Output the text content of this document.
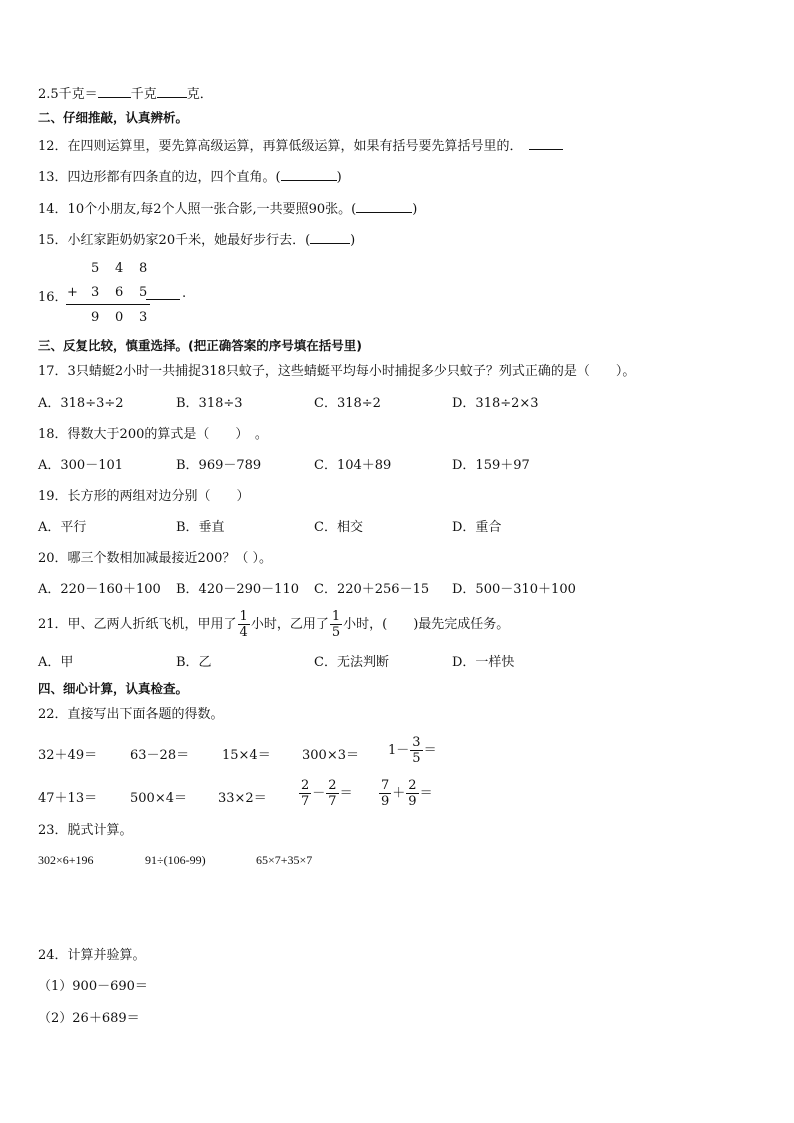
2.5千克＝	千克 克．
二、仔细推敲，认真辨析。
12．在四则运算里，要先算高级运算，再算低级运算，如果有括号要先算括号里的．
13．四边形都有四条直的边，四个直角。(	)
14．10个小朋友,每2个人照一张合影,一共要照90张。(	)
15．小红家距奶奶家20千米，她最好步行去．(	)
16．
5 4 8
+ 3 6 5	.
9 0 3
三、反复比较，慎重选择。(把正确答案的序号填在括号里)
17．3只蜻蜓2小时一共捕捉318只蚊子，这些蜻蜓平均每小时捕捉多少只蚊子？列式正确的是（　　）。
A．318÷3÷2	B．318÷3	C．318÷2	D．318÷2×3
18．得数大于200的算式是（　　）　。
A．300－101	B．969－789	C．104＋89	D．159＋97
19．长方形的两组对边分别（　　）
A．平行	B．垂直	C．相交	D．重合
20．哪三个数相加减最接近200？（ ）。
A．220－160＋100 B．420－290－110 C．220＋256－15 D．500－310＋100
21．甲、乙两人折纸飞机，甲用了 $\frac{1}{4}$ 小时，乙用了 $\frac{1}{5}$ 小时，(　　)最先完成任务。
A．甲	B．乙	C．无法判断	D．一样快
四、细心计算，认真检查。
22．直接写出下面各题的得数。
32＋49＝	63－28＝	$15\times 4= 300\times 3= 1- \frac{3}{5}$ ＝
47＋13＝	$500\times 4= 33\times 2= \frac{2}{7} - \frac{2}{7} = \frac{7}{9} + \frac{2}{9}$ ＝
23．脱式计算。
302×6+196	91÷(106-99)	65×7+35×7
24．计算并验算。
（1）900－690＝
（2）26＋689＝
